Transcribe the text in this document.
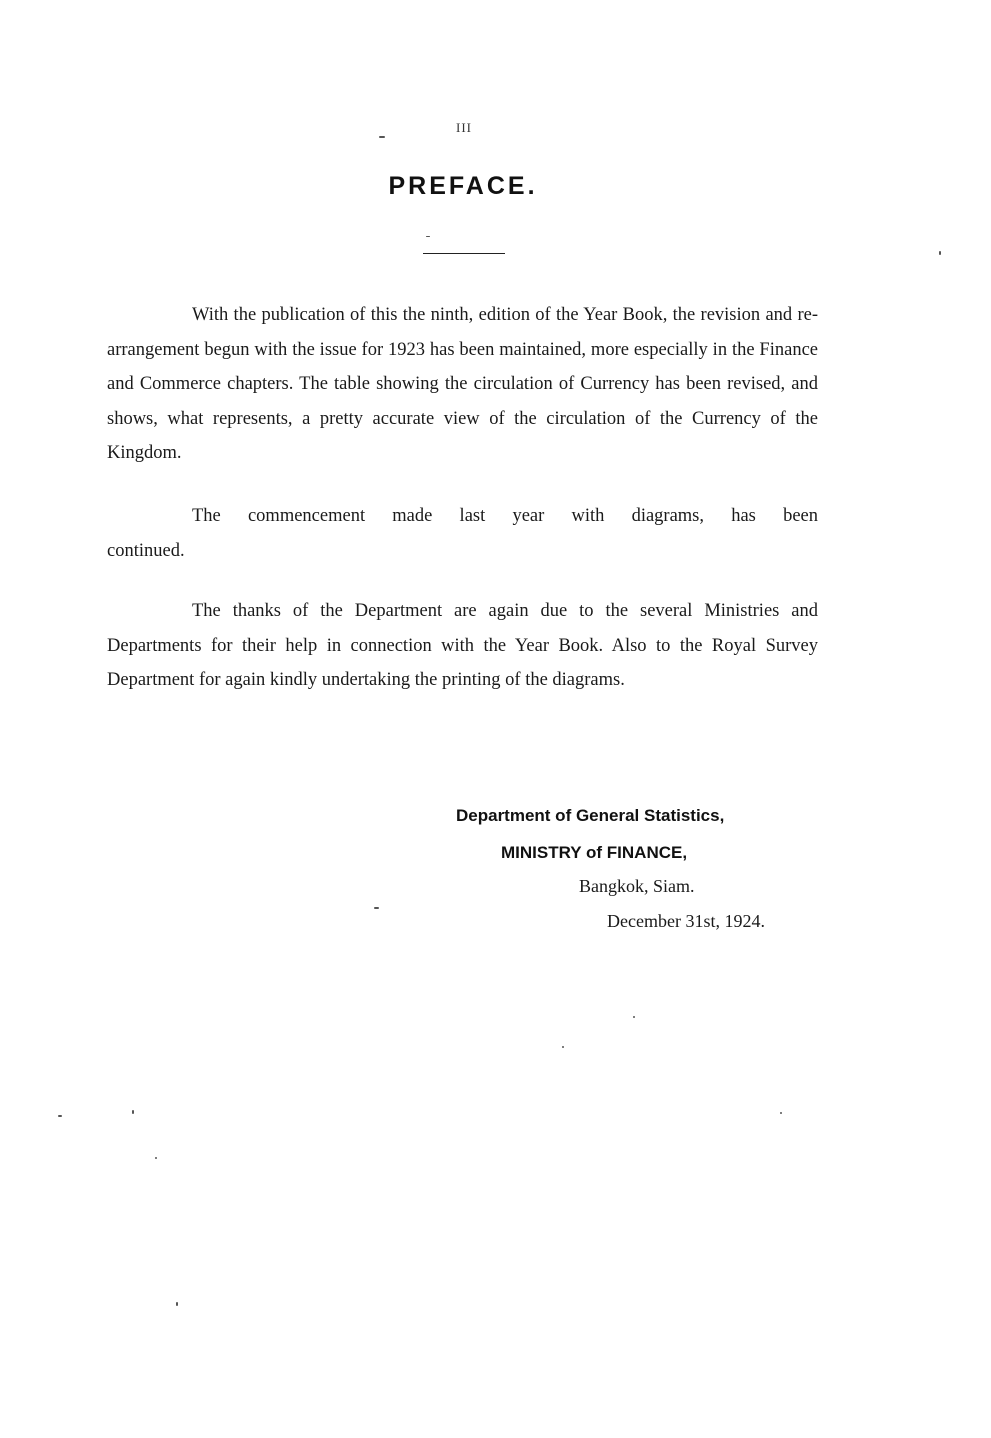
III
PREFACE.
With the publication of this the ninth, edition of the Year Book, the revision and re-arrangement begun with the issue for 1923 has been maintained, more especially in the Finance and Commerce chapters. The table showing the circulation of Currency has been revised, and shows, what represents, a pretty accurate view of the circulation of the Currency of the Kingdom.
The commencement made last year with diagrams, has been
continued.
The thanks of the Department are again due to the several Ministries and Departments for their help in connection with the Year Book. Also to the Royal Survey Department for again kindly undertaking the printing of the diagrams.
Department of General Statistics,
MINISTRY of FINANCE,
Bangkok, Siam.
December 31st, 1924.
